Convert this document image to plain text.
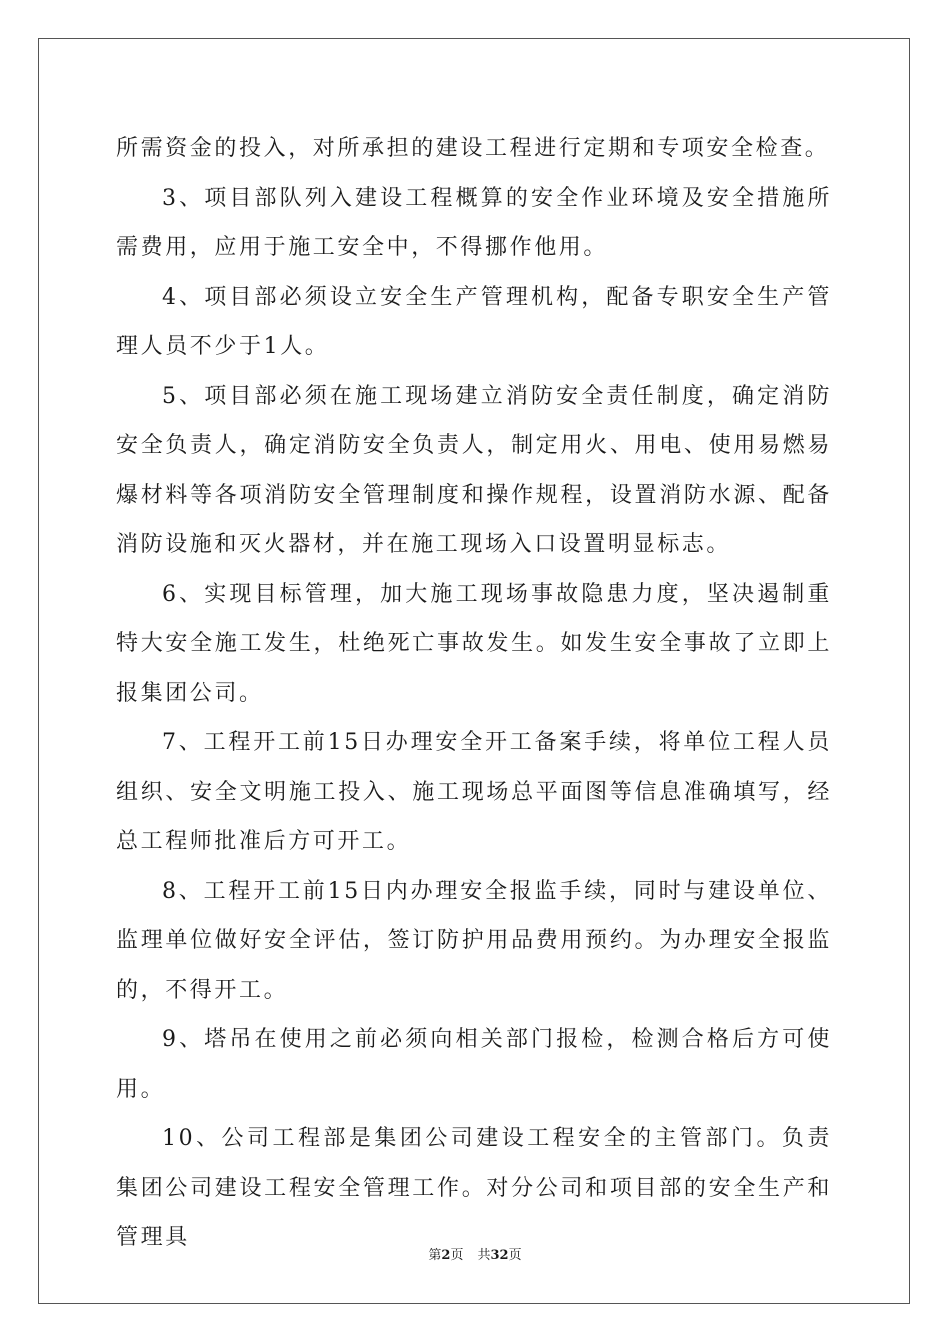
所需资金的投入，对所承担的建设工程进行定期和专项安全检查。

3、项目部队列入建设工程概算的安全作业环境及安全措施所需费用，应用于施工安全中，不得挪作他用。

4、项目部必须设立安全生产管理机构，配备专职安全生产管理人员不少于1人。

5、项目部必须在施工现场建立消防安全责任制度，确定消防安全负责人，确定消防安全负责人，制定用火、用电、使用易燃易爆材料等各项消防安全管理制度和操作规程，设置消防水源、配备消防设施和灭火器材，并在施工现场入口设置明显标志。

6、实现目标管理，加大施工现场事故隐患力度，坚决遏制重特大安全施工发生，杜绝死亡事故发生。如发生安全事故了立即上报集团公司。

7、工程开工前15日办理安全开工备案手续，将单位工程人员组织、安全文明施工投入、施工现场总平面图等信息准确填写，经总工程师批准后方可开工。

8、工程开工前15日内办理安全报监手续，同时与建设单位、监理单位做好安全评估，签订防护用品费用预约。为办理安全报监的，不得开工。

9、塔吊在使用之前必须向相关部门报检，检测合格后方可使用。

10、公司工程部是集团公司建设工程安全的主管部门。负责集团公司建设工程安全管理工作。对分公司和项目部的安全生产和管理具

第2页 共32页
